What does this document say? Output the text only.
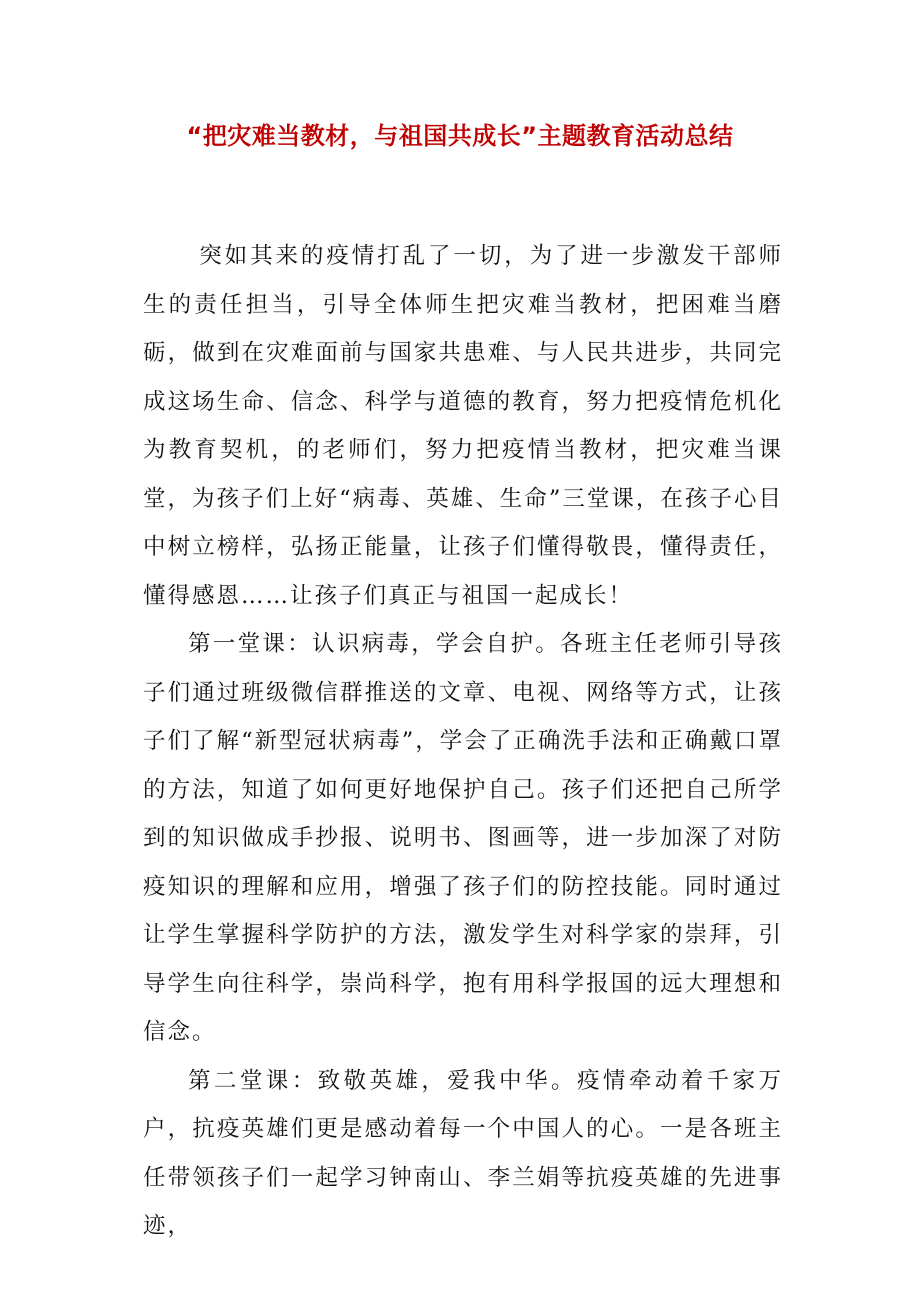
“把灾难当教材，与祖国共成长”主题教育活动总结

突如其来的疫情打乱了一切，为了进一步激发干部师生的责任担当，引导全体师生把灾难当教材，把困难当磨砺，做到在灾难面前与国家共患难、与人民共进步，共同完成这场生命、信念、科学与道德的教育，努力把疫情危机化为教育契机，的老师们，努力把疫情当教材，把灾难当课堂，为孩子们上好“病毒、英雄、生命”三堂课，在孩子心目中树立榜样，弘扬正能量，让孩子们懂得敬畏，懂得责任，懂得感恩……让孩子们真正与祖国一起成长！

第一堂课：认识病毒，学会自护。各班主任老师引导孩子们通过班级微信群推送的文章、电视、网络等方式，让孩子们了解“新型冠状病毒”，学会了正确洗手法和正确戴口罩的方法，知道了如何更好地保护自己。孩子们还把自己所学到的知识做成手抄报、说明书、图画等，进一步加深了对防疫知识的理解和应用，增强了孩子们的防控技能。同时通过让学生掌握科学防护的方法，激发学生对科学家的崇拜，引导学生向往科学，崇尚科学，抱有用科学报国的远大理想和信念。

第二堂课：致敬英雄，爱我中华。疫情牵动着千家万户，抗疫英雄们更是感动着每一个中国人的心。一是各班主任带领孩子们一起学习钟南山、李兰娟等抗疫英雄的先进事迹，
